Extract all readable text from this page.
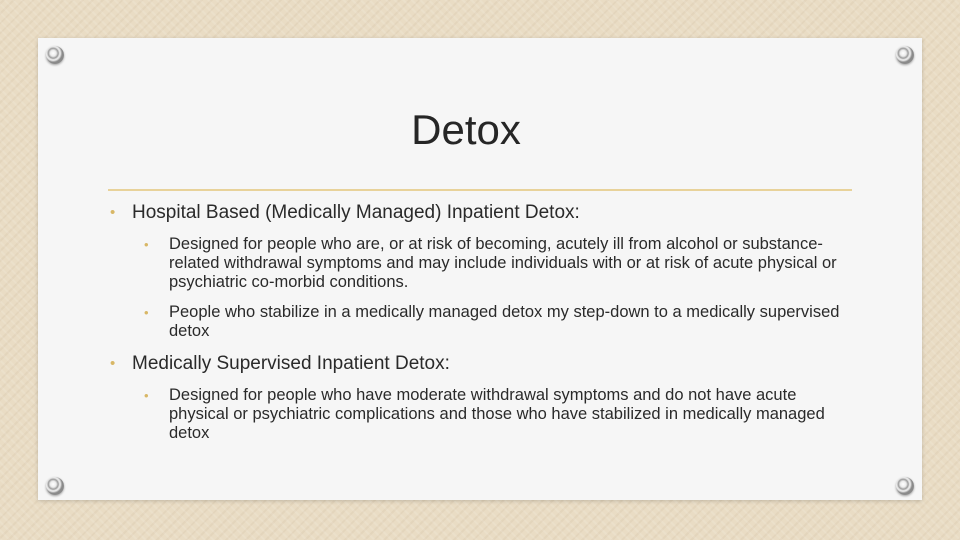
Detox
• Hospital Based (Medically Managed) Inpatient Detox:
• Designed for people who are, or at risk of becoming, acutely ill from alcohol or substance-related withdrawal symptoms and may include individuals with or at risk of acute physical or psychiatric co-morbid conditions.
• People who stabilize in a medically managed detox my step-down to a medically supervised detox
• Medically Supervised Inpatient Detox:
• Designed for people who have moderate withdrawal symptoms and do not have acute physical or psychiatric complications and those who have stabilized in medically managed detox
